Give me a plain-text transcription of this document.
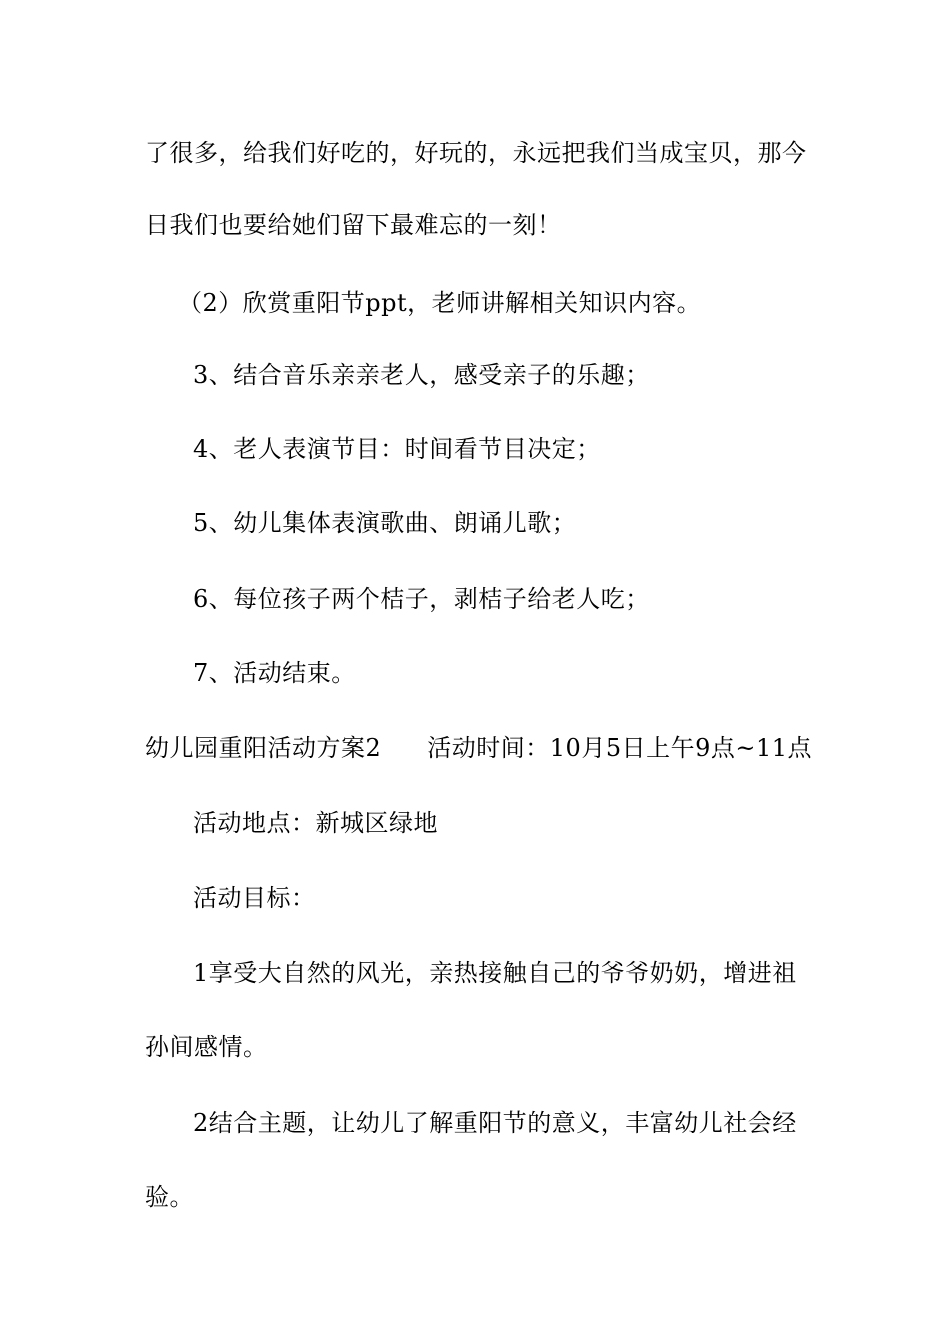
了很多，给我们好吃的，好玩的，永远把我们当成宝贝，那今
日我们也要给她们留下最难忘的一刻！
（2）欣赏重阳节ppt，老师讲解相关知识内容。
3、结合音乐亲亲老人，感受亲子的乐趣；
4、老人表演节目：时间看节目决定；
5、幼儿集体表演歌曲、朗诵儿歌；
6、每位孩子两个桔子，剥桔子给老人吃；
7、活动结束。
幼儿园重阳活动方案2 活动时间：10月5日上午9点~11点
活动地点：新城区绿地
活动目标：
1享受大自然的风光，亲热接触自己的爷爷奶奶，增进祖
孙间感情。
2结合主题，让幼儿了解重阳节的意义，丰富幼儿社会经
验。
